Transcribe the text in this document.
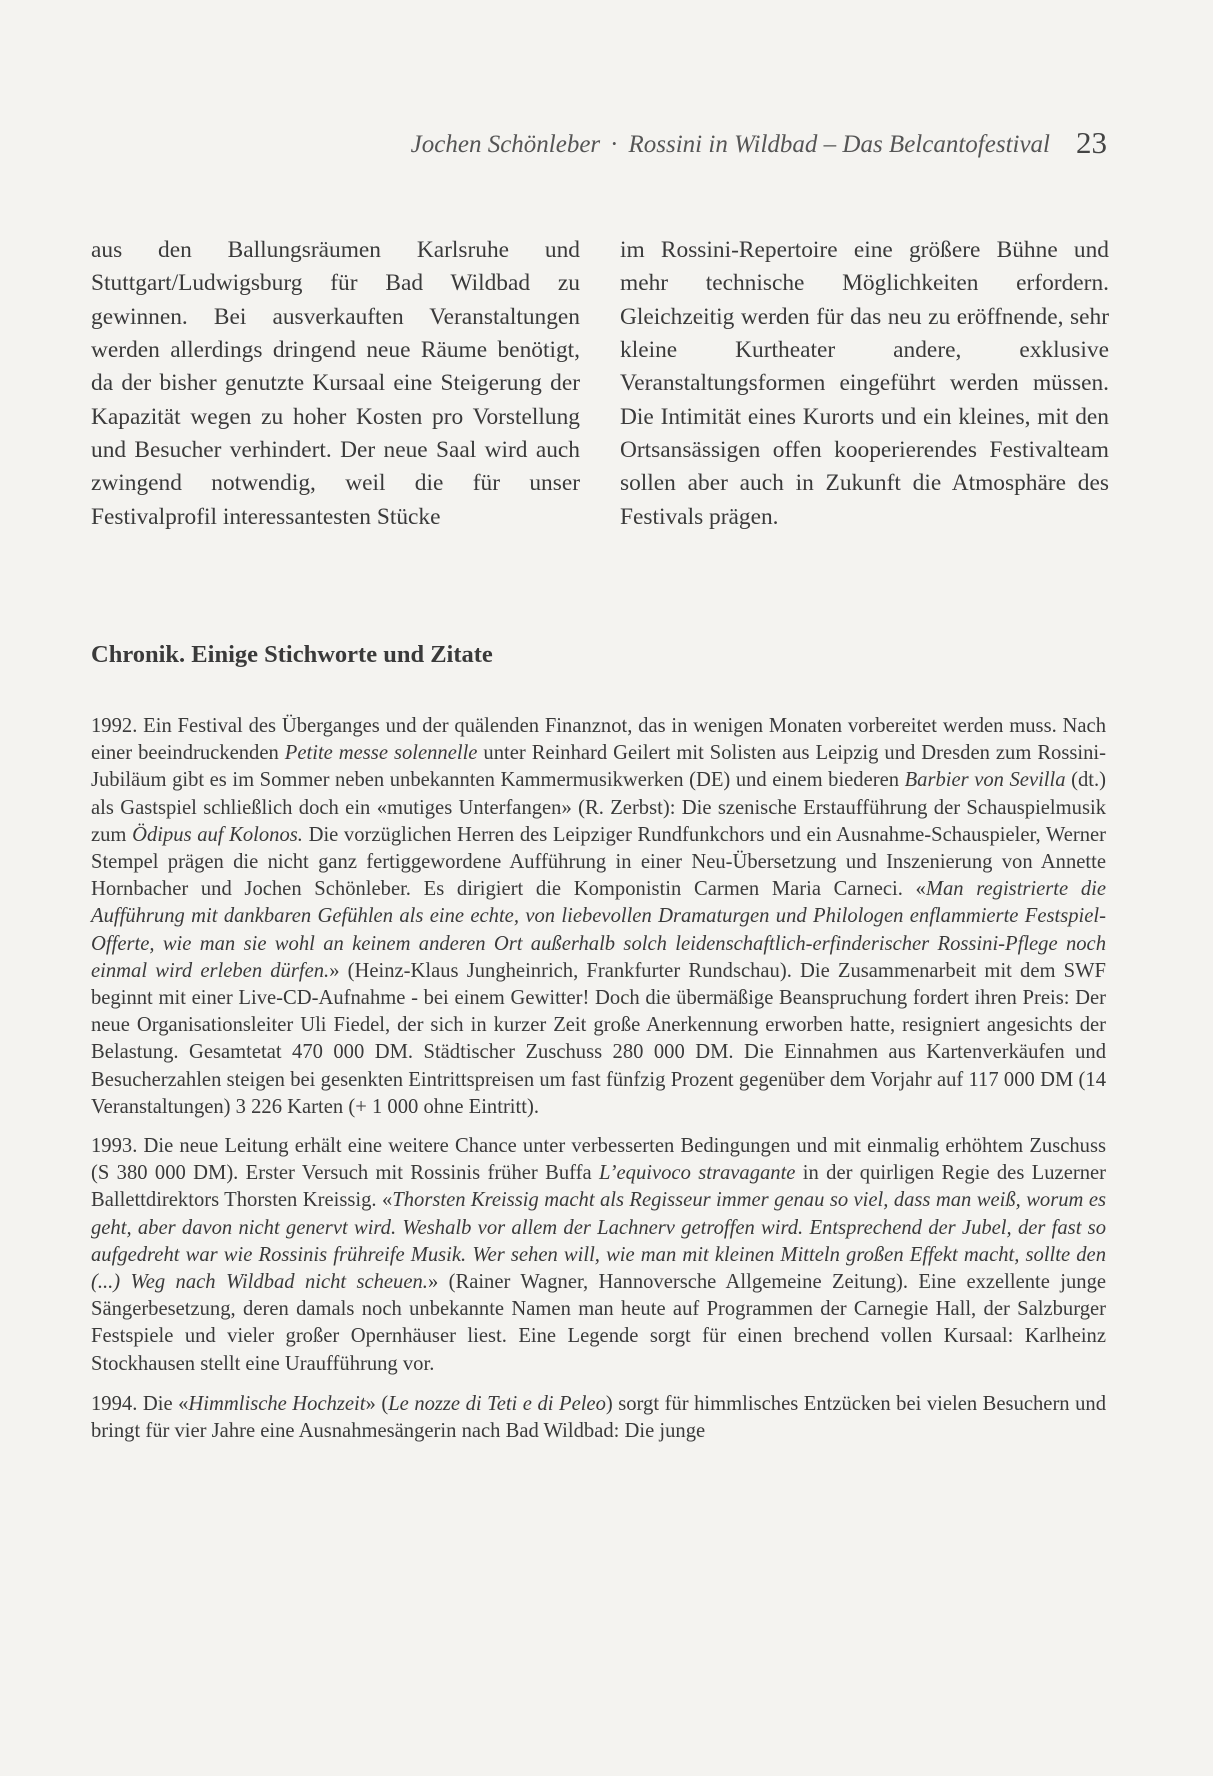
Jochen Schönleber · Rossini in Wildbad – Das Belcantofestival 23
aus den Ballungsräumen Karlsruhe und Stuttgart/Ludwigsburg für Bad Wildbad zu gewinnen. Bei ausverkauften Veranstaltungen werden allerdings dringend neue Räume benötigt, da der bisher genutzte Kursaal eine Steigerung der Kapazität wegen zu hoher Kosten pro Vorstellung und Besucher verhindert. Der neue Saal wird auch zwingend notwendig, weil die für unser Festivalprofil interessantesten Stücke
im Rossini-Repertoire eine größere Bühne und mehr technische Möglichkeiten erfordern. Gleichzeitig werden für das neu zu eröffnende, sehr kleine Kurtheater andere, exklusive Veranstaltungsformen eingeführt werden müssen. Die Intimität eines Kurorts und ein kleines, mit den Ortsansässigen offen kooperierendes Festivalteam sollen aber auch in Zukunft die Atmosphäre des Festivals prägen.
Chronik. Einige Stichworte und Zitate

1992. Ein Festival des Überganges und der quälenden Finanznot, das in wenigen Monaten vorbereitet werden muss. Nach einer beeindruckenden Petite messe solennelle unter Reinhard Geilert mit Solisten aus Leipzig und Dresden zum Rossini-Jubiläum gibt es im Sommer neben unbekannten Kammermusikwerken (DE) und einem biederen Barbier von Sevilla (dt.) als Gastspiel schließlich doch ein «mutiges Unterfangen» (R. Zerbst): Die szenische Erstaufführung der Schauspielmusik zum Ödipus auf Kolonos. Die vorzüglichen Herren des Leipziger Rundfunkchors und ein Ausnahme-Schauspieler, Werner Stempel prägen die nicht ganz fertiggewordene Aufführung in einer Neu-Übersetzung und Inszenierung von Annette Hornbacher und Jochen Schönleber. Es dirigiert die Komponistin Carmen Maria Carneci. «Man registrierte die Aufführung mit dankbaren Gefühlen als eine echte, von liebevollen Dramaturgen und Philologen enflammierte Festspiel-Offerte, wie man sie wohl an keinem anderen Ort außerhalb solch leidenschaftlich-erfinderischer Rossini-Pflege noch einmal wird erleben dürfen.» (Heinz-Klaus Jungheinrich, Frankfurter Rundschau). Die Zusammenarbeit mit dem SWF beginnt mit einer Live-CD-Aufnahme - bei einem Gewitter! Doch die übermäßige Beanspruchung fordert ihren Preis: Der neue Organisationsleiter Uli Fiedel, der sich in kurzer Zeit große Anerkennung erworben hatte, resigniert angesichts der Belastung. Gesamtetat 470 000 DM. Städtischer Zuschuss 280 000 DM. Die Einnahmen aus Kartenverkäufen und Besucherzahlen steigen bei gesenkten Eintrittspreisen um fast fünfzig Prozent gegenüber dem Vorjahr auf 117 000 DM (14 Veranstaltungen) 3 226 Karten (+ 1 000 ohne Eintritt).

1993. Die neue Leitung erhält eine weitere Chance unter verbesserten Bedingungen und mit einmalig erhöhtem Zuschuss (S 380 000 DM). Erster Versuch mit Rossinis früher Buffa L’equivoco stravagante in der quirligen Regie des Luzerner Ballettdirektors Thorsten Kreissig. «Thorsten Kreissig macht als Regisseur immer genau so viel, dass man weiß, worum es geht, aber davon nicht genervt wird. Weshalb vor allem der Lachnerv getroffen wird. Entsprechend der Jubel, der fast so aufgedreht war wie Rossinis frühreife Musik. Wer sehen will, wie man mit kleinen Mitteln großen Effekt macht, sollte den (...) Weg nach Wildbad nicht scheuen.» (Rainer Wagner, Hannoversche Allgemeine Zeitung). Eine exzellente junge Sängerbesetzung, deren damals noch unbekannte Namen man heute auf Programmen der Carnegie Hall, der Salzburger Festspiele und vieler großer Opernhäuser liest. Eine Legende sorgt für einen brechend vollen Kursaal: Karlheinz Stockhausen stellt eine Uraufführung vor.

1994. Die «Himmlische Hochzeit» (Le nozze di Teti e di Peleo) sorgt für himmlisches Entzücken bei vielen Besuchern und bringt für vier Jahre eine Ausnahmesängerin nach Bad Wildbad: Die junge
